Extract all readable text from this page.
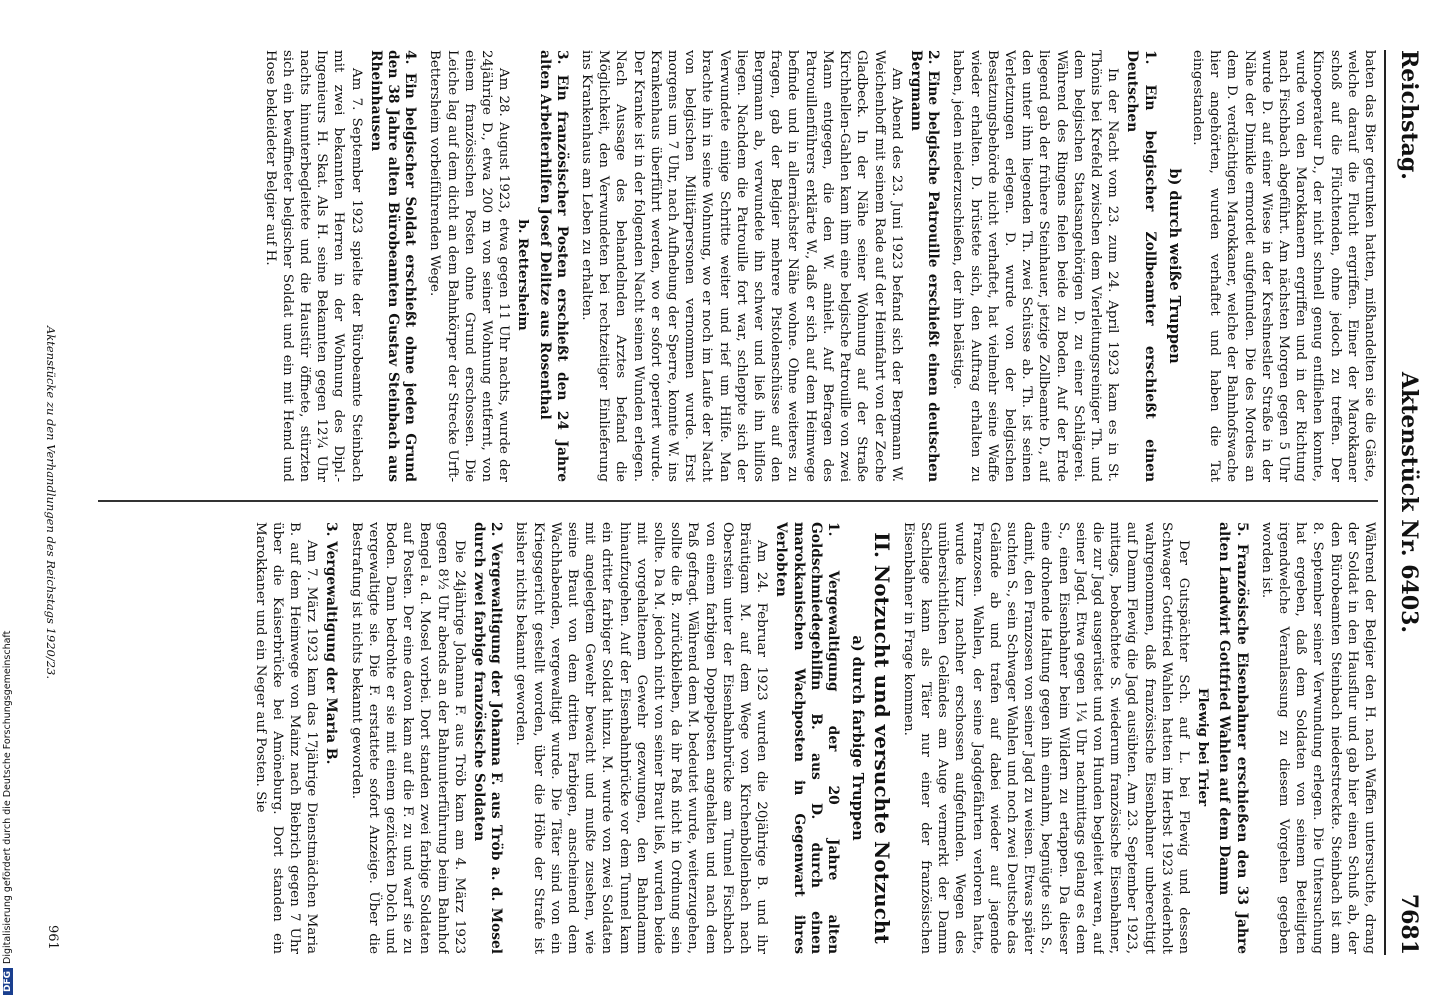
Reichstag.
Aktenstück Nr. 6403.
7681

baten das Bier getrunken hatten, mißhandelten sie die Gäste, welche darauf die Flucht ergriffen. Einer der Marokkaner schoß auf die Flüchtenden, ohne jedoch zu treffen. Der Kinooperateur D., der nicht schnell genug entfliehen konnte, wurde von den Marokkanern ergriffen und in der Richtung nach Fischbach abgeführt. Am nächsten Morgen gegen 5 Uhr wurde D. auf einer Wiese in der Kreshnestler Straße in der Nähe der Dimikle ermordet aufgefunden. Die des Mordes an dem D. verdächtigen Marokkaner, welche der Bahnhofswache hier angehörten, wurden verhaftet und haben die Tat eingestanden.

b) durch weiße Truppen

1. Ein belgischer Zollbeamter erschießt einen Deutschen

In der Nacht vom 23. zum 24. April 1923 kam es in St. Thönis bei Krefeld zwischen dem Vierleitungsreiniger Th. und dem belgischen Staatsangehörigen D. zu einer Schlägerei. Während des Ringens fielen beide zu Boden. Auf der Erde liegend gab der frühere Steinhauer, jetzige Zollbeamte D., auf den unter ihm liegenden Th. zwei Schüsse ab. Th. ist seinen Verletzungen erlegen. D. wurde von der belgischen Besatzungsbehörde nicht verhaftet, hat vielmehr seine Waffe wieder erhalten. D. brüstete sich, den Auftrag erhalten zu haben, jeden niederzuschießen, der ihn belästige.

2. Eine belgische Patrouille erschießt einen deutschen Bergmann

Am Abend des 23. Juni 1923 befand sich der Bergmann W. Weichenhoff mit seinem Rade auf der Heimfahrt von der Zeche Gladbeck. In der Nähe seiner Wohnung auf der Straße Kirchhellen-Gahlen kam ihm eine belgische Patrouille von zwei Mann entgegen, die den W. anhielt. Auf Befragen des Patrouillenführers erklärte W., daß er sich auf dem Heimwege befinde und in allernächster Nähe wohne. Ohne weiteres zu fragen, gab der Belgier mehrere Pistolenschüsse auf den Bergmann ab, verwundete ihn schwer und ließ ihn hilflos liegen. Nachdem die Patrouille fort war, schleppte sich der Verwundete einige Schritte weiter und rief um Hilfe. Man brachte ihn in seine Wohnung, wo er noch im Laufe der Nacht von belgischen Militärpersonen vernommen wurde. Erst morgens um 7 Uhr, nach Aufhebung der Sperre, konnte W. ins Krankenhaus überführt werden, wo er sofort operiert wurde. Der Kranke ist in der folgenden Nacht seinen Wunden erlegen. Nach Aussage des behandelnden Arztes befand die Möglichkeit, den Verwundeten bei rechtzeitiger Einlieferung ins Krankenhaus am Leben zu erhalten.

3. Ein französischer Posten erschießt den 24 Jahre alten Arbeiterhilfen Josef Delitze aus Rosenthal

b. Rettersheim

Am 28. August 1923, etwa gegen 11 Uhr nachts, wurde der 24jährige D., etwa 200 m von seiner Wohnung entfernt, von einem französischen Posten ohne Grund erschossen. Die Leiche lag auf dem dicht an dem Bahnkörper der Strecke Urft-Bettersheim vorbeiführenden Wege.

4. Ein belgischer Soldat erschießt ohne jeden Grund den 38 Jahre alten Bürobeamten Gustav Steinbach aus Rheinhausen

Am 7. September 1923 spielte der Bürobeamte Steinbach mit zwei bekannten Herren in der Wohnung des Dipl.-Ingenieurs H. Skat. Als H. seine Bekannten gegen 12¼ Uhr nachts hinunterbegleitete und die Haustür öffnete, stürzten sich ein bewaffneter belgischer Soldat und ein mit Hemd und Hose bekleideter Belgier auf H.

Während der Belgier den H. nach Waffen untersuchte, drang der Soldat in den Hausflur und gab hier einen Schuß ab, der den Bürobeamten Steinbach niederstreckte. Steinbach ist am 8. September seiner Verwundung erlegen. Die Untersuchung hat ergeben, daß dem Soldaten von seinem Beteiligten irgendwelche Veranlassung zu diesem Vorgehen gegeben worden ist.

5. Französische Eisenbahner erschießen den 33 Jahre alten Landwirt Gottfried Wahlen auf dem Damm

Flewig bei Trier

Der Gutspächter Sch. auf L. bei Flewig und dessen Schwager Gottfried Wahlen hatten im Herbst 1923 wiederholt wahrgenommen, daß französische Eisenbahner unberechtigt auf Damm Flewig die Jagd ausübten. Am 23. September 1923, mittags, beobachtete S. wiederum französische Eisenbahner, die zur Jagd ausgerüstet und von Hunden begleitet waren, auf seiner Jagd. Etwa gegen 1¼ Uhr nachmittags gelang es dem S., einen Eisenbahner beim Wildern zu ertappen. Da dieser eine drohende Haltung gegen ihn einnahm, begnügte sich S., damit, den Franzosen von seiner Jagd zu weisen. Etwas später suchten S., sein Schwager Wahlen und noch zwei Deutsche das Gelände ab und trafen auf dabei wieder auf jagende Franzosen. Wahlen, der seine Jagdgefährten verloren hatte, wurde kurz nachher erschossen aufgefunden. Wegen des unübersichtlichen Geländes am Auge vermerkt der Damm Sachlage kann als Täter nur einer der französischen Eisenbahner in Frage kommen.

II. Notzucht und versuchte Notzucht
a) durch farbige Truppen

1. Vergewaltigung der 20 Jahre alten Goldschmiedegehilfin B. aus D. durch einen marokkanischen Wachposten in Gegenwart ihres Verlobten

Am 24. Februar 1923 wurden die 20jährige B. und ihr Bräutigam M. auf dem Wege von Kirchenbollenbach nach Oberstein unter der Eisenbahnbrücke am Tunnel Fischbach von einem farbigen Doppelposten angehalten und nach dem Paß gefragt. Während dem M. bedeutet wurde, weiterzugehen, sollte die B. zurückbleiben, da ihr Paß nicht in Ordnung sein sollte. Da M. jedoch nicht von seiner Braut ließ, wurden beide mit vorgehaltenem Gewehr gezwungen, den Bahndamm hinaufzugehen. Auf der Eisenbahnbrücke vor dem Tunnel kam ein dritter farbiger Soldat hinzu. M. wurde von zwei Soldaten mit angelegtem Gewehr bewacht und mußte zusehen, wie seine Braut von dem dritten Farbigen, anscheinend dem Wachhabenden, vergewaltigt wurde. Die Täter sind von ein Kriegsgericht gestellt worden, über die Höhe der Strafe ist bisher nichts bekannt geworden.

2. Vergewaltigung der Johanna F. aus Tröb a. d. Mosel durch zwei farbige französische Soldaten

Die 24jährige Johanna F. aus Tröb kam am 4. März 1923 gegen 8½ Uhr abends an der Bahnunterführung beim Bahnhof Bengel a. d. Mosel vorbei. Dort standen zwei farbige Soldaten auf Posten. Der eine davon kam auf die F. zu und warf sie zu Boden. Dann bedrohte er sie mit einem gezückten Dolch und vergewaltigte sie. Die F. erstattete sofort Anzeige. Über die Bestrafung ist nichts bekannt geworden.

3. Vergewaltigung der Maria B.

Am 7. März 1923 kam das 17jährige Dienstmädchen Maria B. auf dem Heimwege von Mainz nach Biebrich gegen 7 Uhr über die Kaiserbrücke bei Amöneburg. Dort standen ein Marokkaner und ein Neger auf Posten. Sie

Aktenstücke zu den Verhandlungen des Reichstags 1920/23.
961
DFGDigitalisierung gefördert durch die Deutsche Forschungsgemeinschaft
